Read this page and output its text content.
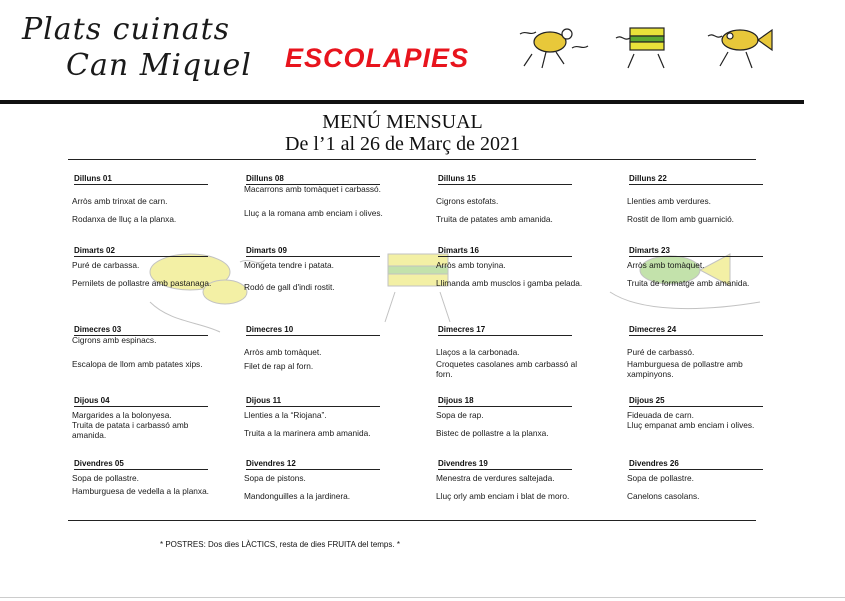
Plats cuinats
Can Miquel ESCOLAPIES
MENÚ MENSUAL
De l’1 al 26 de Març de 2021
Dilluns 01
Arròs amb trinxat de carn.
Rodanxa de lluç a la planxa.
Dilluns 08
Macarrons amb tomàquet i carbassó.
Lluç a la romana amb enciam i olives.
Dilluns 15
Cigrons estofats.
Truita de patates amb amanida.
Dilluns 22
Llenties amb verdures.
Rostit de llom amb guarnició.
Dimarts 02
Puré de carbassa.
Pernilets de pollastre amb pastanaga.
Dimarts 09
Mongeta tendre i patata.
Rodó de gall d'indi rostit.
Dimarts 16
Arròs amb tonyina.
Llimanda amb musclos i gamba pelada.
Dimarts 23
Arròs amb tomàquet.
Truita de formatge amb amanida.
Dimecres 03
Cigrons amb espinacs.
Escalopa de llom amb patates xips.
Dimecres 10
Arròs amb tomàquet.
Filet de rap al forn.
Dimecres 17
Llaços a la carbonada.
Croquetes casolanes amb carbassó al forn.
Dimecres 24
Puré de carbassó.
Hamburguesa de pollastre amb xampinyons.
Dijous 04
Margarides a la bolonyesa.
Truita de patata i carbassó amb amanida.
Dijous 11
Llenties a la “Riojana”.
Truita a la marinera amb amanida.
Dijous 18
Sopa de rap.
Bistec de pollastre a la planxa.
Dijous 25
Fideuada de carn.
Lluç empanat amb enciam i olives.
Divendres 05
Sopa de pollastre.
Hamburguesa de vedella a la planxa.
Divendres 12
Sopa de pistons.
Mandonguilles a la jardinera.
Divendres 19
Menestra de verdures saltejada.
Lluç orly amb enciam i blat de moro.
Divendres 26
Sopa de pollastre.
Canelons casolans.
* POSTRES: Dos dies LÀCTICS, resta de dies FRUITA del temps. *
